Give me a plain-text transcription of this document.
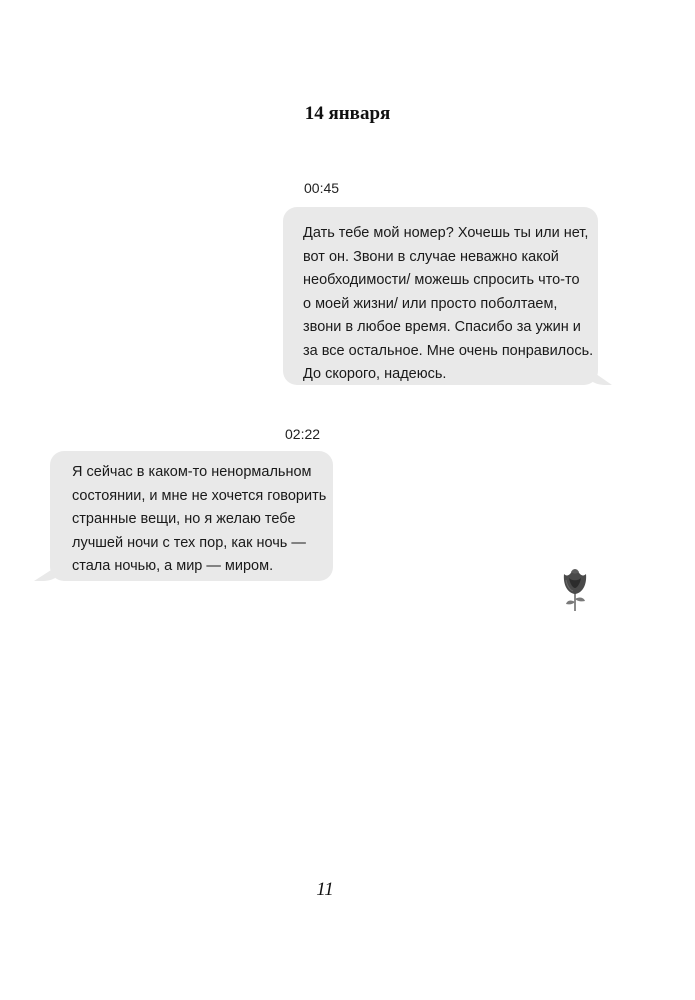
14 января
00:45
Дать тебе мой номер? Хочешь ты или нет,
вот он. Звони в случае неважно какой
необходимости/ можешь спросить что-то
о моей жизни/ или просто поболтаем,
звони в любое время. Спасибо за ужин и
за все остальное. Мне очень понравилось.
До скорого, надеюсь.
02:22
Я сейчас в каком-то ненормальном
состоянии, и мне не хочется говорить
странные вещи, но я желаю тебе
лучшей ночи с тех пор, как ночь —
стала ночью, а мир — миром.
11
